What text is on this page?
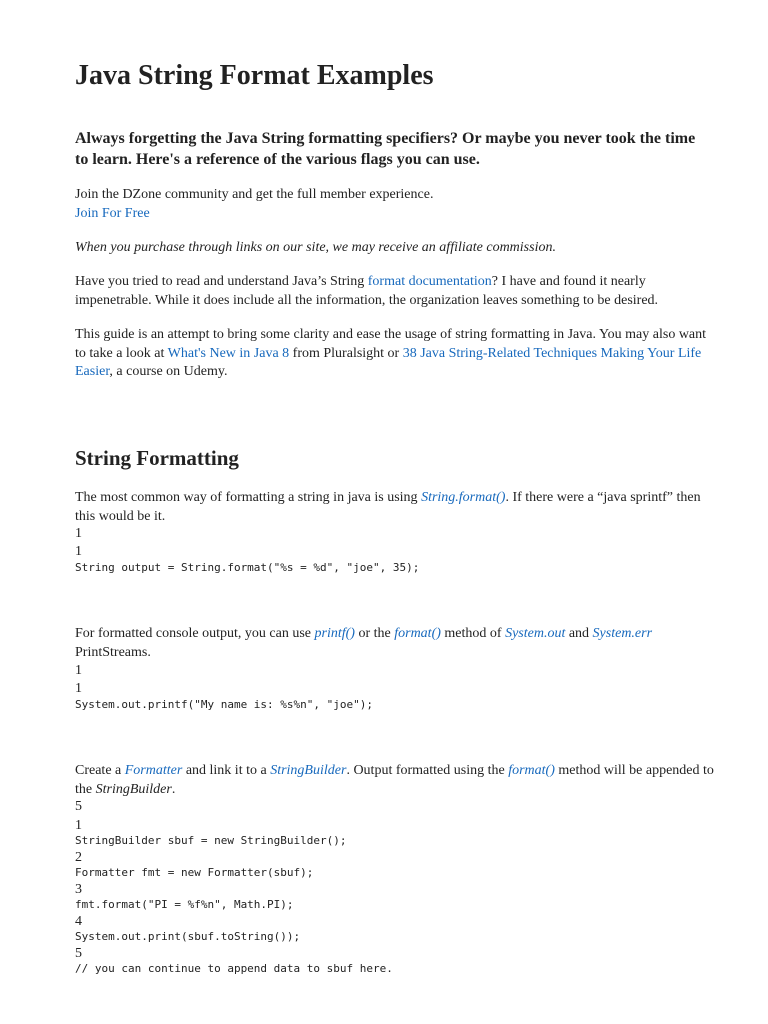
Java String Format Examples

Always forgetting the Java String formatting specifiers? Or maybe you never took the time to learn. Here's a reference of the various flags you can use.

Join the DZone community and get the full member experience.
Join For Free

When you purchase through links on our site, we may receive an affiliate commission.

Have you tried to read and understand Java’s String format documentation? I have and found it nearly impenetrable. While it does include all the information, the organization leaves something to be desired.

This guide is an attempt to bring some clarity and ease the usage of string formatting in Java. You may also want to take a look at What's New in Java 8 from Pluralsight or 38 Java String-Related Techniques Making Your Life Easier, a course on Udemy.

String Formatting

The most common way of formatting a string in java is using String.format(). If there were a “java sprintf” then this would be it.

1
1
String output = String.format("%s = %d", "joe", 35);

For formatted console output, you can use printf() or the format() method of System.out and System.err PrintStreams.

1
1
System.out.printf("My name is: %s%n", "joe");

Create a Formatter and link it to a StringBuilder. Output formatted using the format() method will be appended to the StringBuilder.

5
1
StringBuilder sbuf = new StringBuilder();
2
Formatter fmt = new Formatter(sbuf);
3
fmt.format("PI = %f%n", Math.PI);
4
System.out.print(sbuf.toString());
5
// you can continue to append data to sbuf here.
